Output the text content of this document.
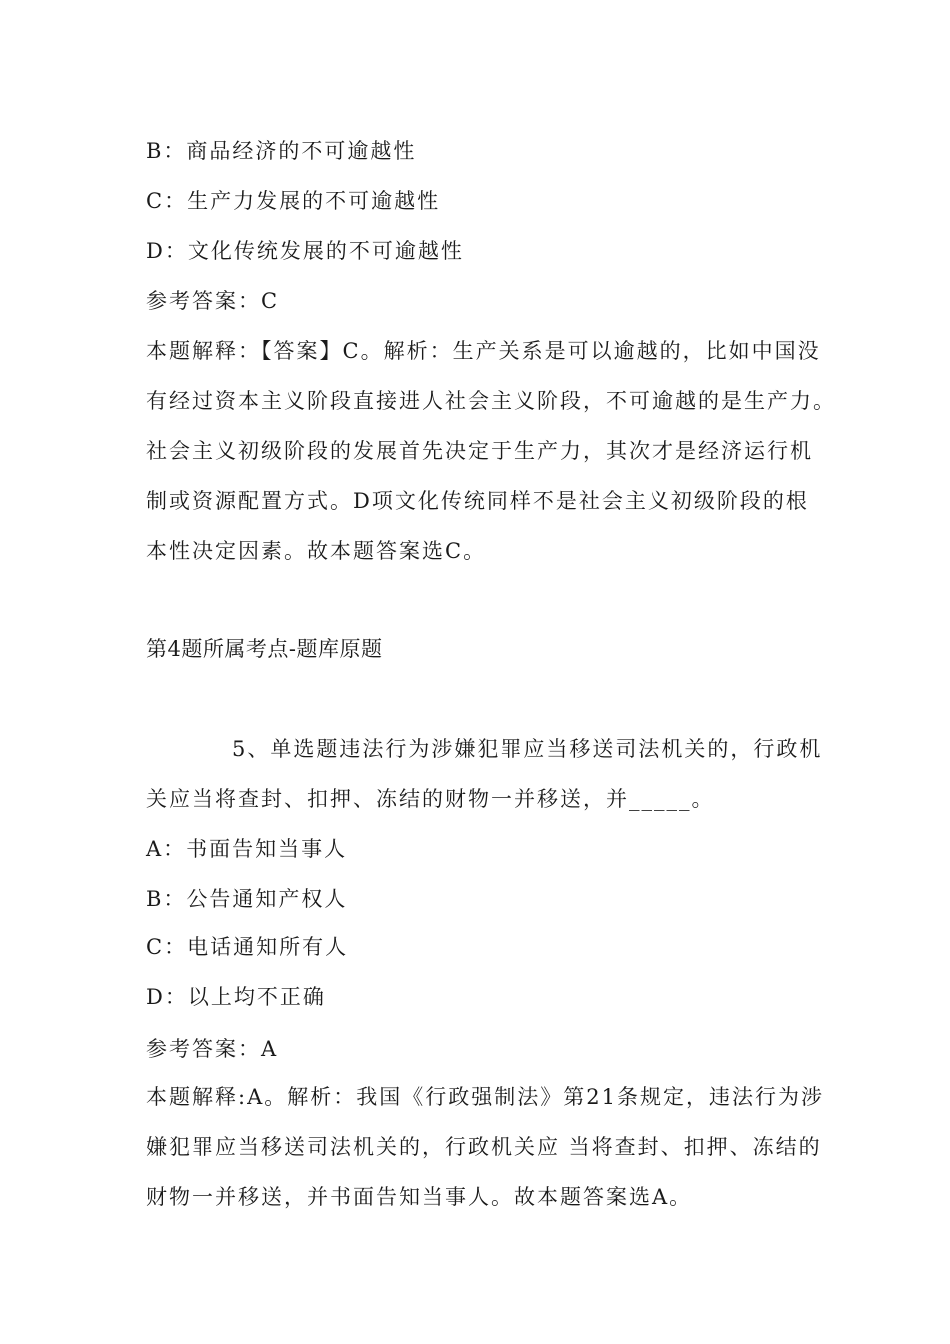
B：商品经济的不可逾越性
C：生产力发展的不可逾越性
D：文化传统发展的不可逾越性
参考答案：C
本题解释：【答案】C。解析：生产关系是可以逾越的，比如中国没
有经过资本主义阶段直接进人社会主义阶段，不可逾越的是生产力。
社会主义初级阶段的发展首先决定于生产力，其次才是经济运行机
制或资源配置方式。D项文化传统同样不是社会主义初级阶段的根
本性决定因素。故本题答案选C。
第4题所属考点-题库原题
5、单选题违法行为涉嫌犯罪应当移送司法机关的，行政机
关应当将查封、扣押、冻结的财物一并移送，并_____。
A：书面告知当事人
B：公告通知产权人
C：电话通知所有人
D：以上均不正确
参考答案：A
本题解释:A。解析：我国《行政强制法》第21条规定，违法行为涉
嫌犯罪应当移送司法机关的，行政机关应 当将查封、扣押、冻结的
财物一并移送，并书面告知当事人。故本题答案选A。
